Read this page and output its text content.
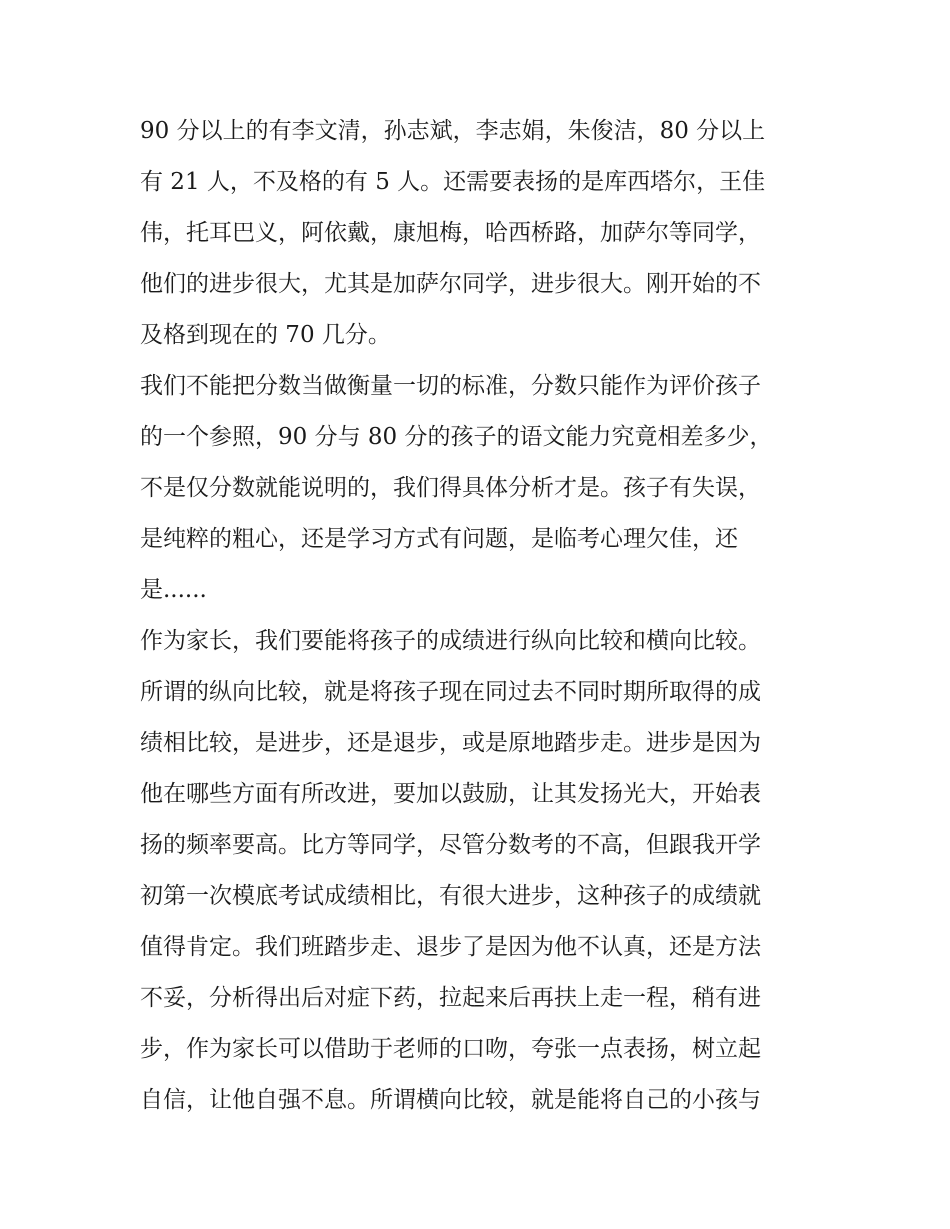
90 分以上的有李文清，孙志斌，李志娟，朱俊洁，80 分以上
有 21 人，不及格的有 5 人。还需要表扬的是库西塔尔，王佳
伟，托耳巴义，阿依戴，康旭梅，哈西桥路，加萨尔等同学，
他们的进步很大，尤其是加萨尔同学，进步很大。刚开始的不
及格到现在的 70 几分。
我们不能把分数当做衡量一切的标准，分数只能作为评价孩子
的一个参照，90 分与 80 分的孩子的语文能力究竟相差多少，
不是仅分数就能说明的，我们得具体分析才是。孩子有失误，
是纯粹的粗心，还是学习方式有问题，是临考心理欠佳，还
是......
作为家长，我们要能将孩子的成绩进行纵向比较和横向比较。
所谓的纵向比较，就是将孩子现在同过去不同时期所取得的成
绩相比较，是进步，还是退步，或是原地踏步走。进步是因为
他在哪些方面有所改进，要加以鼓励，让其发扬光大，开始表
扬的频率要高。比方等同学，尽管分数考的不高，但跟我开学
初第一次模底考试成绩相比，有很大进步，这种孩子的成绩就
值得肯定。我们班踏步走、退步了是因为他不认真，还是方法
不妥，分析得出后对症下药，拉起来后再扶上走一程，稍有进
步，作为家长可以借助于老师的口吻，夸张一点表扬，树立起
自信，让他自强不息。所谓横向比较，就是能将自己的小孩与
